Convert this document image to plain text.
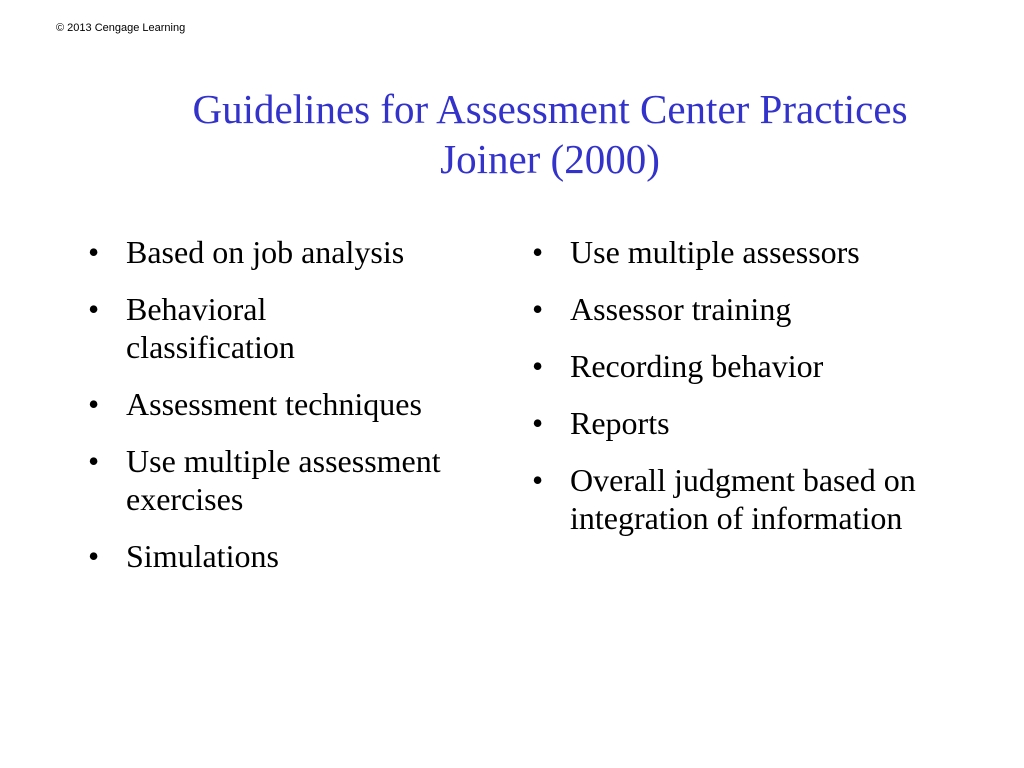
© 2013 Cengage Learning
Guidelines for Assessment Center Practices
Joiner (2000)
• Based on job analysis
• Behavioral classification
• Assessment techniques
• Use multiple assessment exercises
• Simulations
• Use multiple assessors
• Assessor training
• Recording behavior
• Reports
• Overall judgment based on integration of information
